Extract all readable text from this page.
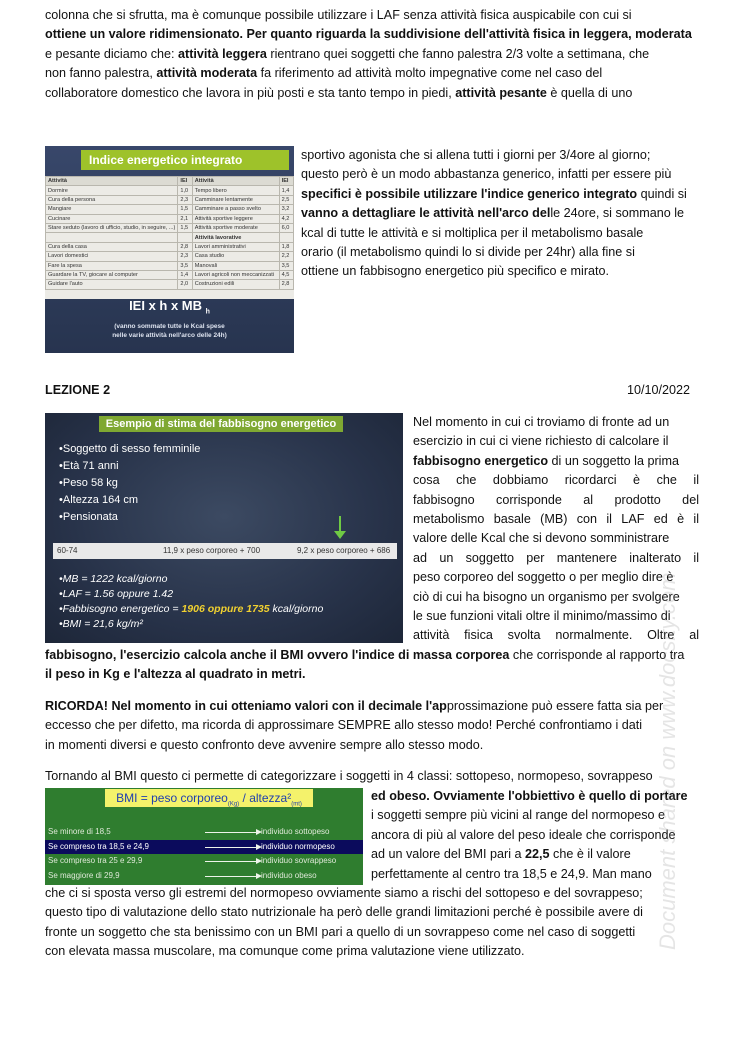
colonna che si sfrutta, ma è comunque possibile utilizzare i LAF senza attività fisica auspicabile con cui si
ottiene un valore ridimensionato. Per quanto riguarda la suddivisione dell'attività fisica in leggera, moderata
e pesante diciamo che: attività leggera rientrano quei soggetti che fanno palestra 2/3 volte a settimana, che
non fanno palestra, attività moderata fa riferimento ad attività molto impegnative come nel caso del
collaboratore domestico che lavora in più posti e sta tanto tempo in piedi, attività pesante è quella di uno
Indice energetico integrato
Attività	IEI	Attività	IEI
Dormire	1,0	Tempo libero	1,4
Cura della persona	2,3	Camminare lentamente	2,5
Mangiare	1,5	Camminare a passo svelto	3,2
Cucinare	2,1	Attività sportive leggere	4,2
Stare seduto (lavoro di ufficio, studio, in seguire, ...)	1,5	Attività sportive moderate	6,0
		Attività lavorative	
Cura della casa	2,8	Lavori amministrativi	1,8
Lavori domestici	2,3	Casa studio	2,2
Fare la spesa	3,5	Manovali	3,5
Guardare la TV, giocare al computer	1,4	Lavori agricoli non meccanizzati	4,5
Guidare l'auto	2,0	Costruzioni edili	2,8
IEI x h x MB $_h$
(vanno sommate tutte le Kcal spese
nelle varie attività nell'arco delle 24h)
sportivo agonista che si allena tutti i giorni per 3/4ore al giorno;
questo però è un modo abbastanza generico, infatti per essere più
specifici è possibile utilizzare l'indice generico integrato quindi si
vanno a dettagliare le attività nell'arco delle 24ore, si sommano le
kcal di tutte le attività e si moltiplica per il metabolismo basale
orario (il metabolismo quindi lo si divide per 24hr) alla fine si
ottiene un fabbisogno energetico più specifico e mirato.
LEZIONE 2	10/10/2022
Esempio di stima del fabbisogno energetico
•Soggetto di sesso femminile
•Età 71 anni
•Peso 58 kg
•Altezza 164 cm
•Pensionata
60-74	11,9 x peso corporeo + 700	9,2 x peso corporeo + 686
•MB = 1222 kcal/giorno
•LAF = 1.56 oppure 1.42
•Fabbisogno energetico = 1906 oppure 1735 kcal/giorno
•BMI = 21,6 kg/m²
Nel momento in cui ci troviamo di fronte ad un
esercizio in cui ci viene richiesto di calcolare il
fabbisogno energetico di un soggetto la prima
cosa che dobbiamo ricordarci è che il
fabbisogno corrisponde al prodotto del
metabolismo basale (MB) con il LAF ed è il
valore delle Kcal che si devono somministrare
ad un soggetto per mantenere inalterato il
peso corporeo del soggetto o per meglio dire è
ciò di cui ha bisogno un organismo per svolgere
le sue funzioni vitali oltre il minimo/massimo di
attività fisica svolta normalmente. Oltre al
fabbisogno, l'esercizio calcola anche il BMI ovvero l'indice di massa corporea che corrisponde al rapporto tra
il peso in Kg e l'altezza al quadrato in metri.
RICORDA! Nel momento in cui otteniamo valori con il decimale l'approssimazione può essere fatta sia per
eccesso che per difetto, ma ricorda di approssimare SEMPRE allo stesso modo! Perché confrontiamo i dati
in momenti diversi e questo confronto deve avvenire sempre allo stesso modo.
Tornando al BMI questo ci permette di categorizzare i soggetti in 4 classi: sottopeso, normopeso, sovrappeso
BMI = peso corporeo$_{(Kg)}$ / $altezza^2_{(mt)}$
Se minore di 18,5	individuo sottopeso
Se compreso tra 18,5 e 24,9	individuo normopeso
Se compreso tra 25 e 29,9	individuo sovrappeso
Se maggiore di 29,9	individuo obeso
ed obeso. Ovviamente l'obbiettivo è quello di portare
i soggetti sempre più vicini al range del normopeso e
ancora di più al valore del peso ideale che corrisponde
ad un valore del BMI pari a 22,5 che è il valore
perfettamente al centro tra 18,5 e 24,9. Man mano
che ci si sposta verso gli estremi del normopeso ovviamente siamo a rischi del sottopeso e del sovrappeso;
questo tipo di valutazione dello stato nutrizionale ha però delle grandi limitazioni perché è possibile avere di
fronte un soggetto che sta benissimo con un BMI pari a quello di un sovrappeso come nel caso di soggetti
con elevata massa muscolare, ma comunque come prima valutazione viene utilizzato.
Document shared on www.docsity.com
